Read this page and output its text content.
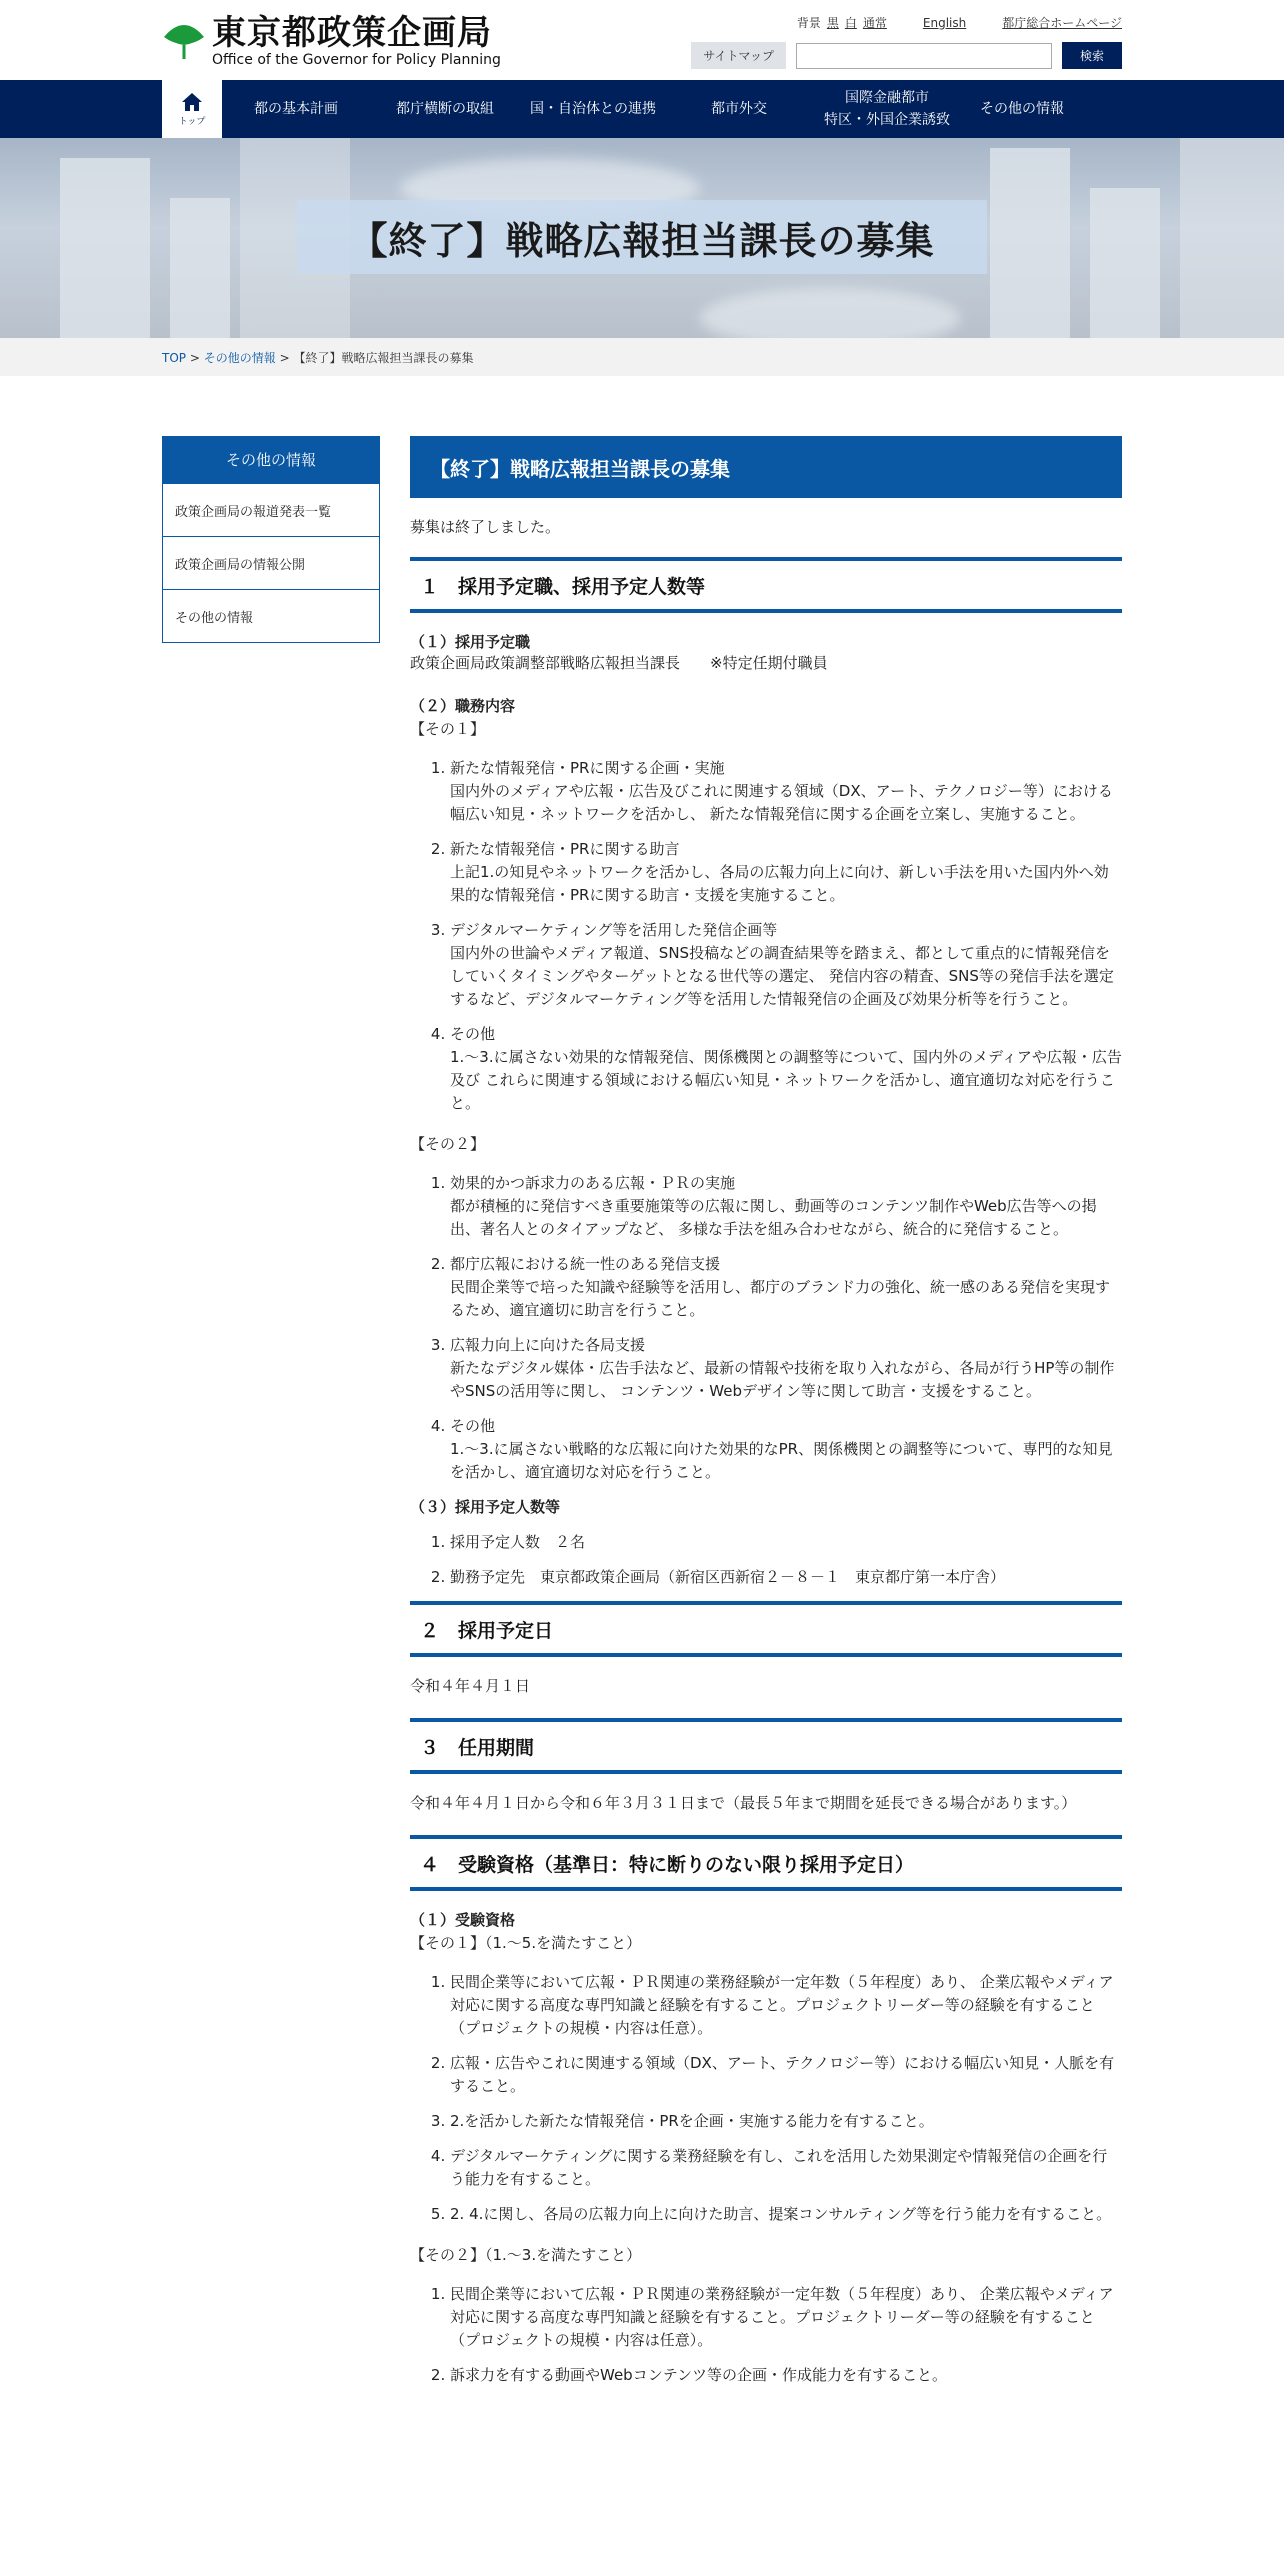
東京都政策企画局
Office of the Governor for Policy Planning
背景 黒 白 通常	English	都庁総合ホームページ
サイトマップ	検索
トップ
都の基本計画	都庁横断の取組	国・自治体との連携	都市外交
国際金融都市
特区・外国企業誘致
その他の情報
【終了】戦略広報担当課長の募集
TOP > その他の情報 > 【終了】戦略広報担当課長の募集
その他の情報
政策企画局の報道発表一覧
政策企画局の情報公開
その他の情報
【終了】戦略広報担当課長の募集
募集は終了しました。
１　採用予定職、採用予定人数等
（１）採用予定職
政策企画局政策調整部戦略広報担当課長　　※特定任期付職員
（２）職務内容
【その１】
1. 新たな情報発信・PRに関する企画・実施
国内外のメディアや広報・広告及びこれに関連する領域（DX、アート、テクノロジー等）における幅広い知見・ネットワークを活かし、 新たな情報発信に関する企画を立案し、実施すること。
2. 新たな情報発信・PRに関する助言
上記1.の知見やネットワークを活かし、各局の広報力向上に向け、新しい手法を用いた国内外へ効果的な情報発信・PRに関する助言・支援を実施すること。
3. デジタルマーケティング等を活用した発信企画等
国内外の世論やメディア報道、SNS投稿などの調査結果等を踏まえ、都として重点的に情報発信をしていくタイミングやターゲットとなる世代等の選定、 発信内容の精査、SNS等の発信手法を選定するなど、デジタルマーケティング等を活用した情報発信の企画及び効果分析等を行うこと。
4. その他
1.～3.に属さない効果的な情報発信、関係機関との調整等について、国内外のメディアや広報・広告及び これらに関連する領域における幅広い知見・ネットワークを活かし、適宜適切な対応を行うこと。
【その２】
1. 効果的かつ訴求力のある広報・ＰＲの実施
都が積極的に発信すべき重要施策等の広報に関し、動画等のコンテンツ制作やWeb広告等への掲出、著名人とのタイアップなど、 多様な手法を組み合わせながら、統合的に発信すること。
2. 都庁広報における統一性のある発信支援
民間企業等で培った知識や経験等を活用し、都庁のブランド力の強化、統一感のある発信を実現するため、適宜適切に助言を行うこと。
3. 広報力向上に向けた各局支援
新たなデジタル媒体・広告手法など、最新の情報や技術を取り入れながら、各局が行うHP等の制作やSNSの活用等に関し、 コンテンツ・Webデザイン等に関して助言・支援をすること。
4. その他
1.～3.に属さない戦略的な広報に向けた効果的なPR、関係機関との調整等について、専門的な知見を活かし、適宜適切な対応を行うこと。
（３）採用予定人数等
1. 採用予定人数　２名
2. 勤務予定先　東京都政策企画局（新宿区西新宿２－８－１　東京都庁第一本庁舎）
２　採用予定日
令和４年４月１日
３　任用期間
令和４年４月１日から令和６年３月３１日まで（最長５年まで期間を延長できる場合があります。）
４　受験資格（基準日：特に断りのない限り採用予定日）
（１）受験資格
【その１】（1.～5.を満たすこと）
1. 民間企業等において広報・ＰＲ関連の業務経験が一定年数（５年程度）あり、 企業広報やメディア対応に関する高度な専門知識と経験を有すること。プロジェクトリーダー等の経験を有すること（プロジェクトの規模・内容は任意）。
2. 広報・広告やこれに関連する領域（DX、アート、テクノロジー等）における幅広い知見・人脈を有すること。
3. 2.を活かした新たな情報発信・PRを企画・実施する能力を有すること。
4. デジタルマーケティングに関する業務経験を有し、これを活用した効果測定や情報発信の企画を行う能力を有すること。
5. 2. 4.に関し、各局の広報力向上に向けた助言、提案コンサルティング等を行う能力を有すること。
【その２】（1.～3.を満たすこと）
1. 民間企業等において広報・ＰＲ関連の業務経験が一定年数（５年程度）あり、 企業広報やメディア対応に関する高度な専門知識と経験を有すること。プロジェクトリーダー等の経験を有すること（プロジェクトの規模・内容は任意）。
2. 訴求力を有する動画やWebコンテンツ等の企画・作成能力を有すること。
